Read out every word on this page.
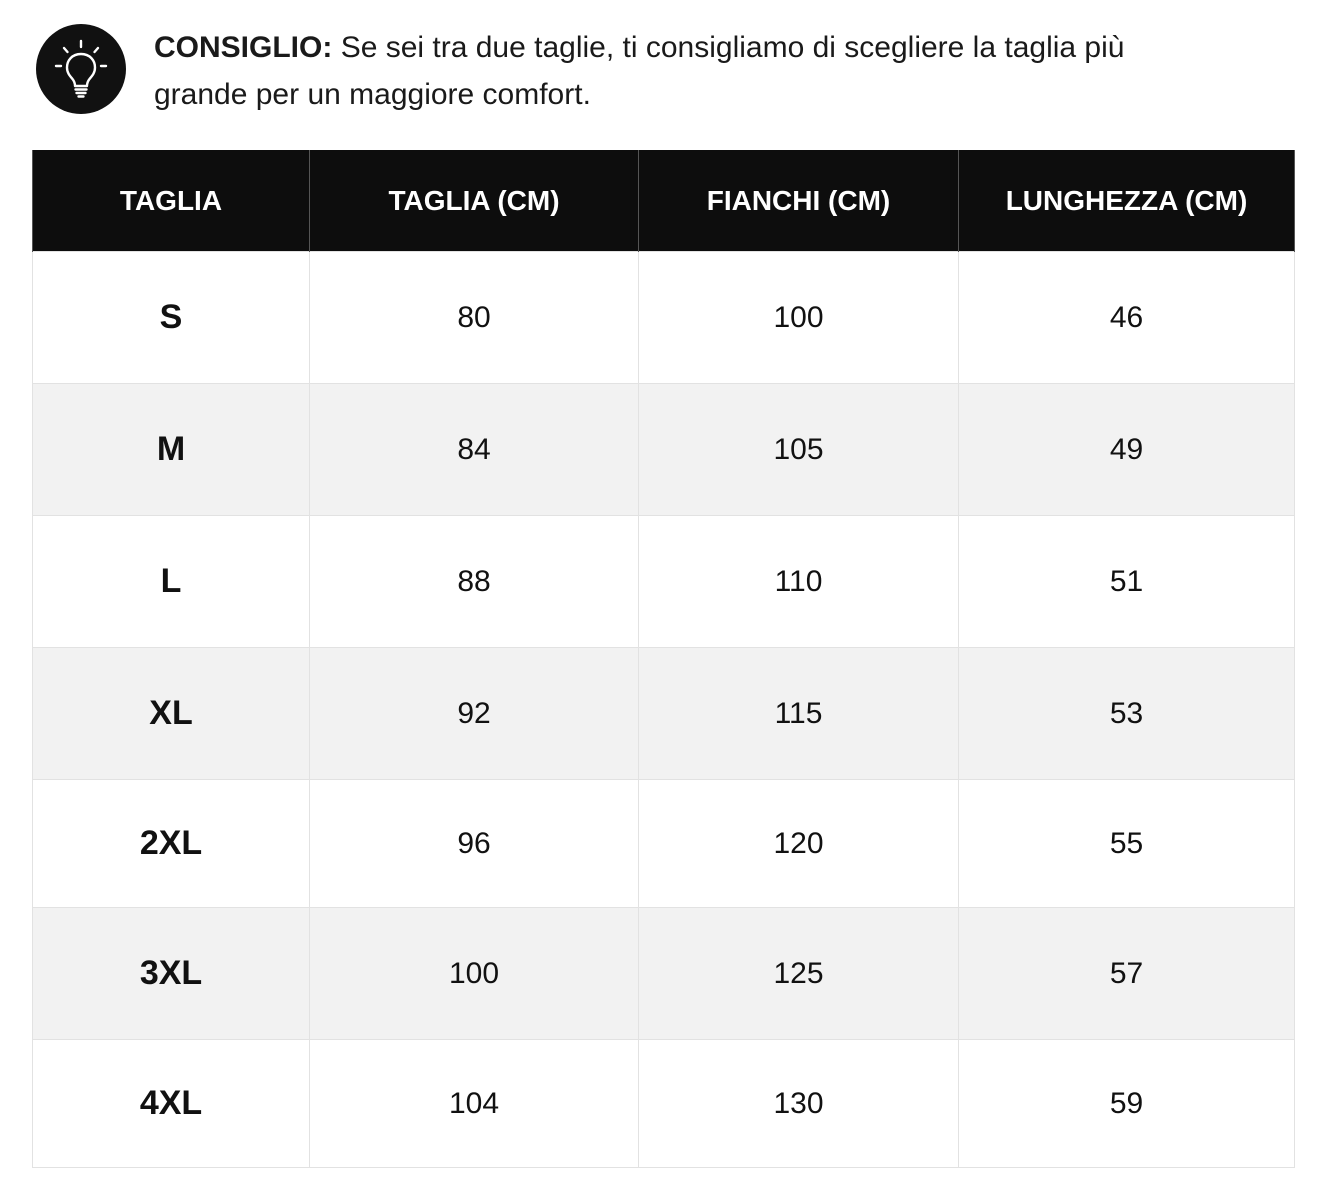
CONSIGLIO: Se sei tra due taglie, ti consigliamo di scegliere la taglia più grande per un maggiore comfort.
TAGLIA	TAGLIA (CM)	FIANCHI (CM)	LUNGHEZZA (CM)
S	80	100	46
M	84	105	49
L	88	110	51
XL	92	115	53
2XL	96	120	55
3XL	100	125	57
4XL	104	130	59
